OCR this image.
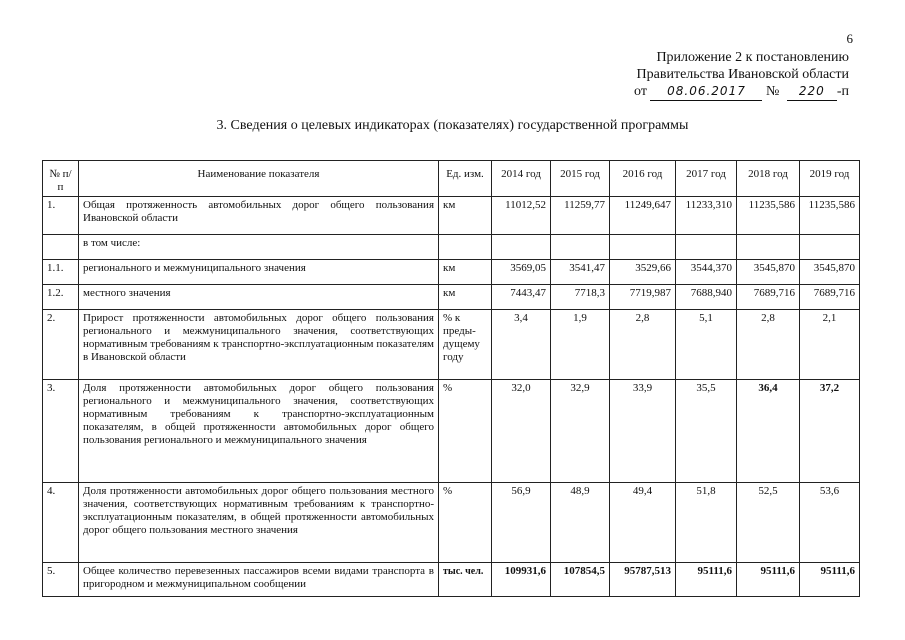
6
Приложение 2 к постановлению
Правительства Ивановской области
от 08.06.2017 № 220 -п
3. Сведения о целевых индикаторах (показателях) государственной программы
№ п/п	Наименование показателя	Ед. изм.	2014 год	2015 год	2016 год	2017 год	2018 год	2019 год
1.	Общая протяженность автомобильных дорог общего пользования Ивановской области	км	11012,52	11259,77	11249,647	11233,310	11235,586	11235,586
	в том числе:							
1.1.	регионального и межмуниципального значения	км	3569,05	3541,47	3529,66	3544,370	3545,870	3545,870
1.2.	местного значения	км	7443,47	7718,3	7719,987	7688,940	7689,716	7689,716
2.	Прирост протяженности автомобильных дорог общего пользования регионального и межмуниципального значения, соответствующих нормативным требованиям к транспортно-эксплуатационным показателям в Ивановской области	% к преды-дущему году	3,4	1,9	2,8	5,1	2,8	2,1
3.	Доля протяженности автомобильных дорог общего пользования регионального и межмуниципального значения, соответствующих нормативным требованиям к транспортно-эксплуатационным показателям, в общей протяженности автомобильных дорог общего пользования регионального и межмуниципального значения	%	32,0	32,9	33,9	35,5	36,4	37,2
4.	Доля протяженности автомобильных дорог общего пользования местного значения, соответствующих нормативным требованиям к транспортно-эксплуатационным показателям, в общей протяженности автомобильных дорог общего пользования местного значения	%	56,9	48,9	49,4	51,8	52,5	53,6
5.	Общее количество перевезенных пассажиров всеми видами транспорта в пригородном и межмуниципальном сообщении	тыс. чел.	109931,6	107854,5	95787,513	95111,6	95111,6	95111,6
